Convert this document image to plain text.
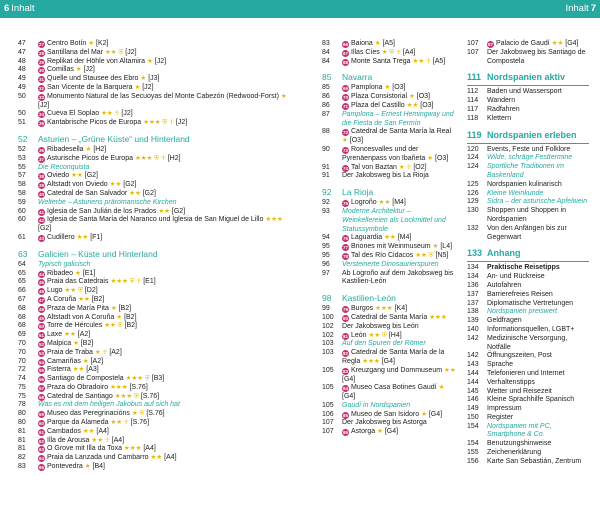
6 Inhalt	Inhalt 7
47	27 Centro Botín ★ [K2]
47	28 Santillana del Mar ★★ ⛨ [J2]
48	29 Replikat der Höhle von Altamira ★ [J2]
48	30 Comillas ★ [J2]
49	31 Quelle und Stausee des Ebro ★ [J3]
49	32 San Vicente de la Barquera ★ [J2]
50	33 Monumento Natural de las Secuoyas del Monte Cabezón (Redwood-Forst) ★ [J2]
50	34 Cueva El Soplao ★★ ☥ [J2]
51	35 Kantabrische Picos de Europa ★★★ ⛨ ☥ [J2]
52	Asturien – „Grüne Küste“ und Hinterland
52	36 Ribadesella ★ [H2]
53	37 Asturische Picos de Europa ★★★ ⛨ ☥ [H2]
55	Die Reconquista
57	38 Oviedo ★★ [G2]
58	39 Altstadt von Oviedo ★★ [G2]
58	40 Catedral de San Salvador ★★ [G2]
59	Welterbe – Asturiens präromanische Kirchen
60	41 Iglesia de San Julián de los Prados ★★ [G2]
60	42 Iglesia de Santa María del Naranco und Iglesia de San Miguel de Lillo ★★★ [G2]
61	43 Cudillero ★★ [F1]
63	Galicien – Küste und Hinterland
64	Typisch galicisch
65	44 Ribadeo ★ [E1]
65	45 Praia das Catedrais ★★★ ⛨ ☥ [E1]
66	46 Lugo ★★ ⛨ [D2]
67	47 A Coruña ★★ [B2]
68	48 Praza de María Pita ★ [B2]
68	49 Altstadt von A Coruña ★ [B2]
68	50 Torre de Hércules ★★ ⛨ [B2]
69	51 Laxe ★★ [A2]
70	52 Malpica ★ [B2]
70	53 Praia de Traba ★ ☥ [A2]
70	54 Camariñas ★ [A2]
72	55 Fisterra ★★ [A3]
74	56 Santiago de Compostela ★★★ ⛨ [B3]
75	57 Praza do Obradoiro ★★★ [S.76]
75	58 Catedral de Santiago ★★★ ⛨ [S.76]
78	Was es mit dem heiligen Jakobus auf sich hat
80	59 Museo das Peregrinacións ★ ⛨ [S.76]
80	60 Parque da Alameda ★★ ☥ [S.76]
81	61 Cambados ★★ [A4]
81	62 Illa de Arousa ★★ ☥ [A4]
81	63 O Grove mit Illa da Toxa ★★★ [A4]
82	64 Praia da Lanzada und Cambarro ★★ [A4]
83	65 Pontevedra ★ [B4]
83	66 Baiona ★ [A5]
84	67 Illas Cíes ★ ⛨ ☥ [A4]
84	68 Monte Santa Trega ★★ ☥ [A5]
85	Navarra
85	69 Pamplona ★ [O3]
86	70 Plaza Consistorial ★ [O3]
86	71 Plaza del Castillo ★★ [O3]
87	Pamplona – Ernest Hemingway und die Fiesta de San Fermín
88	72 Catedral de Santa María la Real ★ [O3]
90	73 Roncesvalles und der Pyrenäenpass von Ibañeta ★ [O3]
91	74 Tal von Baztan ★ ☥ [O2]
91	Der Jakobsweg bis La Rioja
92	La Rioja
92	75 Logroño ★★ [M4]
93	Moderne Architektur – Weinkellereien als Lockmittel und Statussymbole
94	76 Laguardia ★★ [M4]
95	77 Briones mit Weinmuseum ★ [L4]
95	78 Tal des Río Cidacos ★★ ⛨ [N5]
96	Versteinerte Dinosaurierspuren
97	Ab Logroño auf dem Jakobsweg bis Kastilien-León
98	Kastilien-León
99	79 Burgos ★★★ [K4]
100	80 Catedral de Santa María ★★★
102	Der Jakobsweg bis León
102	81 León ★★ ⛨ [H4]
103	Auf den Spuren der Römer
103	82 Catedral de Santa María de la Regla ★★★ [G4]
105	83 Kreuzgang und Dommuseum ★★ [G4]
105	84 Museo Casa Botines Gaudí ★ [G4]
105	Gaudí in Nordspanien
106	85 Museo de San Isidoro ★ [G4]
107	Der Jakobsweg bis Astorga
107	86 Astorga ★ [G4]
107	87 Palacio de Gaudí ★★ [G4]
107	Der Jakobsweg bis Santiago de Compostela
111 Nordspanien aktiv
112	Baden und Wassersport
114	Wandern
117	Radfahren
118	Klettern
119 Nordspanien erleben
120	Events, Feste und Folklore
124	Wilde, schräge Festtermine
124	Sportliche Traditionen im Baskenland
125	Nordspanien kulinarisch
126	Kleine Weinkunde
129	Sidra – der asturische Apfelwein
130	Shoppen und Shoppen in Nordspanien
132	Von den Anfängen bis zur Gegenwart
133 Anhang
134	Praktische Reisetipps
134	An- und Rückreise
136	Autofahren
137	Barrierefreies Reisen
137	Diplomatische Vertretungen
138	Nordspanien preiswert
139	Geldfragen
140	Informationsquellen, LGBT+
142	Medizinische Versorgung, Notfälle
142	Öffnungszeiten, Post
143	Sprache
144	Telefonieren und Internet
144	Verhaltenstipps
145	Wetter und Reisezeit
146	Kleine Sprachhilfe Spanisch
149	Impressum
150	Register
154	Nordspanien mit PC, Smartphone & Co.
154	Benutzungshinweise
155	Zeichenerklärung
156	Karte San Sebastián, Zentrum
